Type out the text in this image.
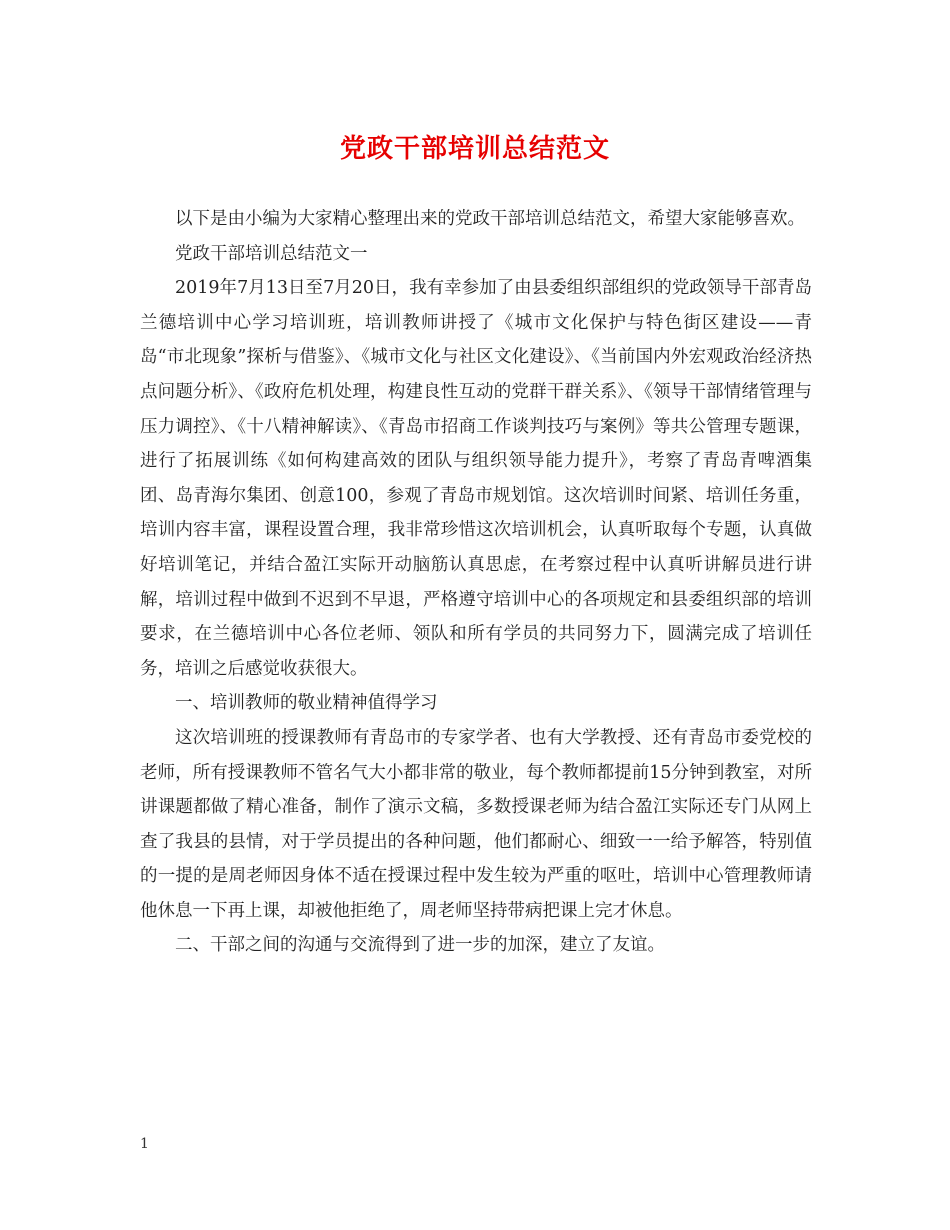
党政干部培训总结范文

以下是由小编为大家精心整理出来的党政干部培训总结范文，希望大家能够喜欢。

党政干部培训总结范文一

2019年7月13日至7月20日，我有幸参加了由县委组织部组织的党政领导干部青岛兰德培训中心学习培训班，培训教师讲授了《城市文化保护与特色街区建设——青岛“市北现象”探析与借鉴》、《城市文化与社区文化建设》、《当前国内外宏观政治经济热点问题分析》、《政府危机处理，构建良性互动的党群干群关系》、《领导干部情绪管理与压力调控》、《十八精神解读》、《青岛市招商工作谈判技巧与案例》等共公管理专题课，进行了拓展训练《如何构建高效的团队与组织领导能力提升》，考察了青岛青啤酒集团、岛青海尔集团、创意100，参观了青岛市规划馆。这次培训时间紧、培训任务重，培训内容丰富，课程设置合理，我非常珍惜这次培训机会，认真听取每个专题，认真做好培训笔记，并结合盈江实际开动脑筋认真思虑，在考察过程中认真听讲解员进行讲解，培训过程中做到不迟到不早退，严格遵守培训中心的各项规定和县委组织部的培训要求，在兰德培训中心各位老师、领队和所有学员的共同努力下，圆满完成了培训任务，培训之后感觉收获很大。

一、培训教师的敬业精神值得学习

这次培训班的授课教师有青岛市的专家学者、也有大学教授、还有青岛市委党校的老师，所有授课教师不管名气大小都非常的敬业，每个教师都提前15分钟到教室，对所讲课题都做了精心准备，制作了演示文稿，多数授课老师为结合盈江实际还专门从网上查了我县的县情，对于学员提出的各种问题，他们都耐心、细致一一给予解答，特别值的一提的是周老师因身体不适在授课过程中发生较为严重的呕吐，培训中心管理教师请他休息一下再上课，却被他拒绝了，周老师坚持带病把课上完才休息。

二、干部之间的沟通与交流得到了进一步的加深，建立了友谊。

1
